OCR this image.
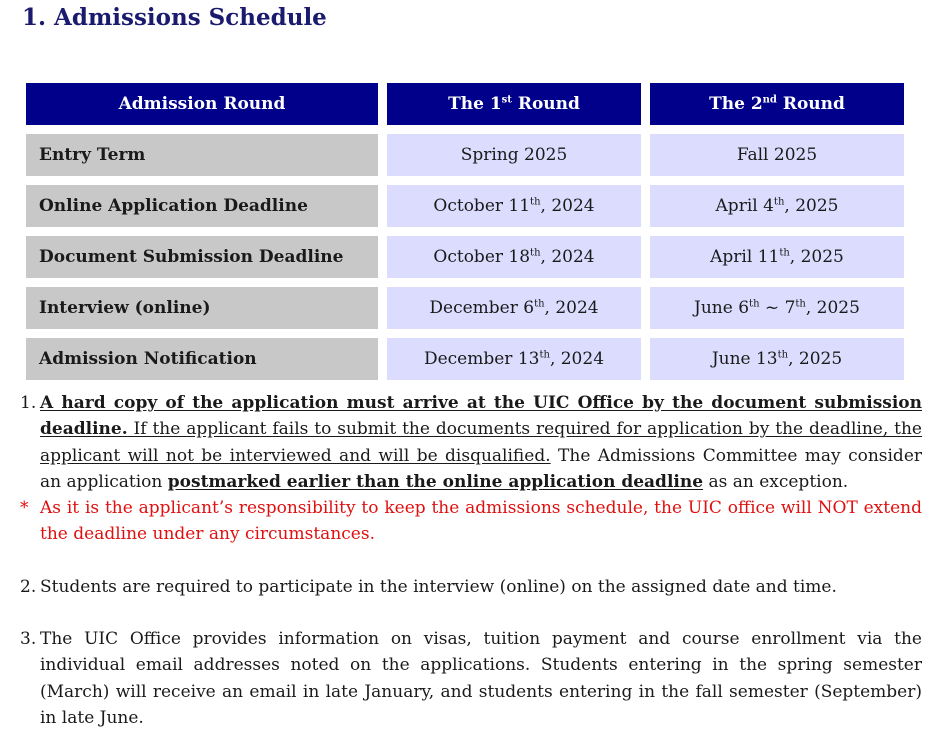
1. Admissions Schedule
Admission Round	The 1st Round	The 2nd Round
Entry Term	Spring 2025	Fall 2025
Online Application Deadline	October 11th, 2024	April 4th, 2025
Document Submission Deadline	October 18th, 2024	April 11th, 2025
Interview (online)	December 6th, 2024	June 6th ~ 7th, 2025
Admission Notification	December 13th, 2024	June 13th, 2025
1. A hard copy of the application must arrive at the UIC Office by the document submission deadline. If the applicant fails to submit the documents required for application by the deadline, the applicant will not be interviewed and will be disqualified. The Admissions Committee may consider an application postmarked earlier than the online application deadline as an exception.
* As it is the applicant’s responsibility to keep the admissions schedule, the UIC office will NOT extend the deadline under any circumstances.
2. Students are required to participate in the interview (online) on the assigned date and time.
3. The UIC Office provides information on visas, tuition payment and course enrollment via the individual email addresses noted on the applications. Students entering in the spring semester (March) will receive an email in late January, and students entering in the fall semester (September) in late June.
